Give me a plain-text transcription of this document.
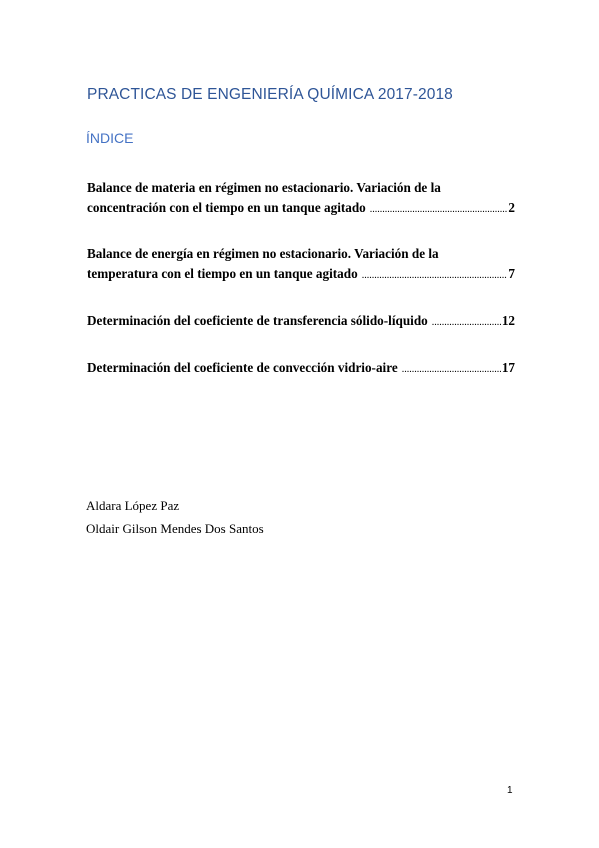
PRACTICAS DE ENGENIERÍA QUÍMICA 2017-2018
ÍNDICE
Balance de materia en régimen no estacionario. Variación de la
concentración con el tiempo en un tanque agitado .....	2
Balance de energía en régimen no estacionario. Variación de la
temperatura con el tiempo en un tanque agitado .....	7
Determinación del coeficiente de transferencia sólido-líquido .....	12
Determinación del coeficiente de convección vidrio-aire .....	17
Aldara López Paz
Oldair Gilson Mendes Dos Santos
1
